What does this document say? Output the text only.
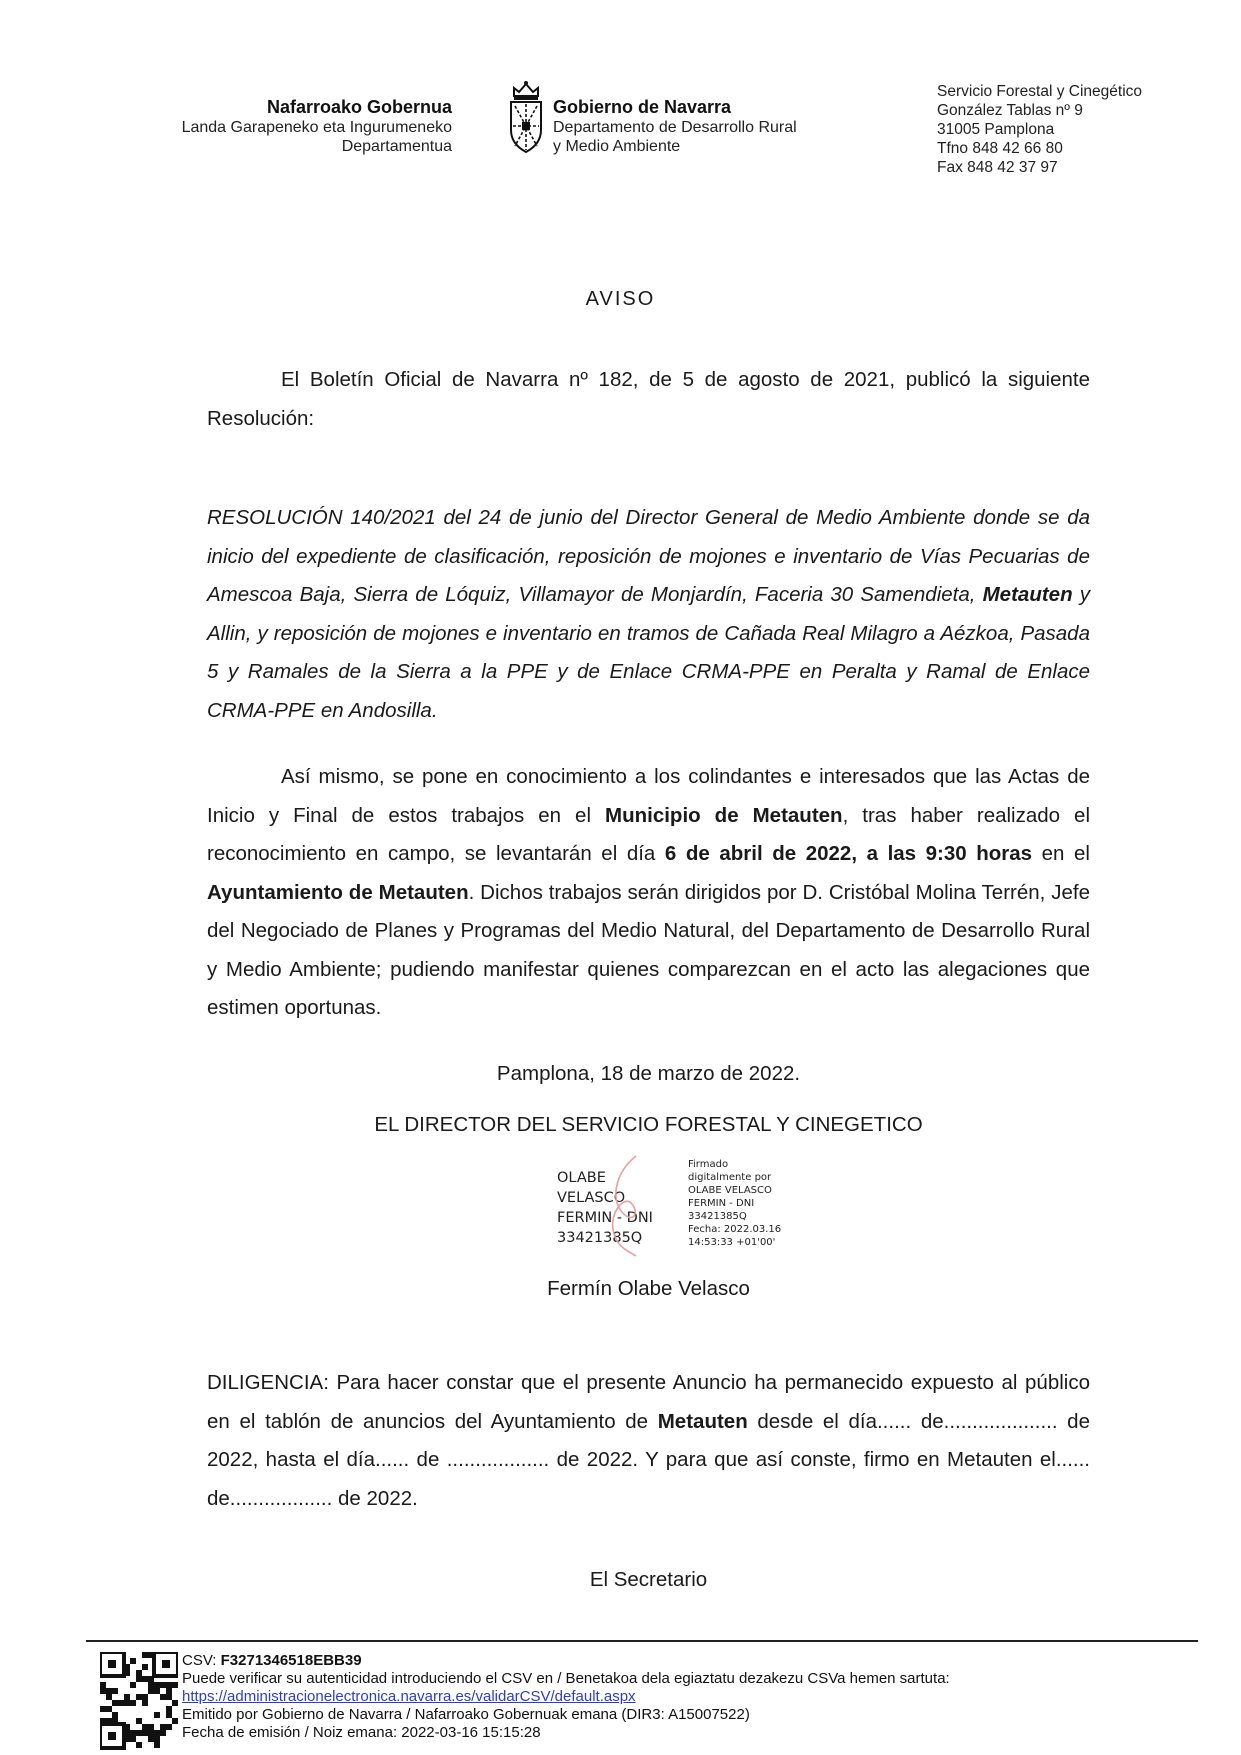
Nafarroako Gobernua
Landa Garapeneko eta Ingurumeneko
Departamentua
Gobierno de Navarra
Departamento de Desarrollo Rural
y Medio Ambiente
Servicio Forestal y Cinegético
González Tablas nº 9
31005 Pamplona
Tfno 848 42 66 80
Fax 848 42 37 97
AVISO
El Boletín Oficial de Navarra nº 182, de 5 de agosto de 2021, publicó la siguiente Resolución:
RESOLUCIÓN 140/2021 del 24 de junio del Director General de Medio Ambiente donde se da inicio del expediente de clasificación, reposición de mojones e inventario de Vías Pecuarias de Amescoa Baja, Sierra de Lóquiz, Villamayor de Monjardín, Faceria 30 Samendieta, Metauten y Allin, y reposición de mojones e inventario en tramos de Cañada Real Milagro a Aézkoa, Pasada 5 y Ramales de la Sierra a la PPE y de Enlace CRMA-PPE en Peralta y Ramal de Enlace CRMA-PPE en Andosilla.
Así mismo, se pone en conocimiento a los colindantes e interesados que las Actas de Inicio y Final de estos trabajos en el Municipio de Metauten, tras haber realizado el reconocimiento en campo, se levantarán el día 6 de abril de 2022, a las 9:30 horas en el Ayuntamiento de Metauten. Dichos trabajos serán dirigidos por D. Cristóbal Molina Terrén, Jefe del Negociado de Planes y Programas del Medio Natural, del Departamento de Desarrollo Rural y Medio Ambiente; pudiendo manifestar quienes comparezcan en el acto las alegaciones que estimen oportunas.
Pamplona, 18 de marzo de 2022.
EL DIRECTOR DEL SERVICIO FORESTAL Y CINEGETICO
OLABE
VELASCO
FERMIN - DNI
33421385Q
Firmado
digitalmente por
OLABE VELASCO
FERMIN - DNI
33421385Q
Fecha: 2022.03.16
14:53:33 +01'00'
Fermín Olabe Velasco
DILIGENCIA: Para hacer constar que el presente Anuncio ha permanecido expuesto al público en el tablón de anuncios del Ayuntamiento de Metauten desde el día...... de.................... de 2022, hasta el día...... de .................. de 2022. Y para que así conste, firmo en Metauten el...... de.................. de 2022.
El Secretario
CSV: F3271346518EBB39
Puede verificar su autenticidad introduciendo el CSV en / Benetakoa dela egiaztatu dezakezu CSVa hemen sartuta:
https://administracionelectronica.navarra.es/validarCSV/default.aspx
Emitido por Gobierno de Navarra / Nafarroako Gobernuak emana (DIR3: A15007522)
Fecha de emisión / Noiz emana: 2022-03-16 15:15:28
